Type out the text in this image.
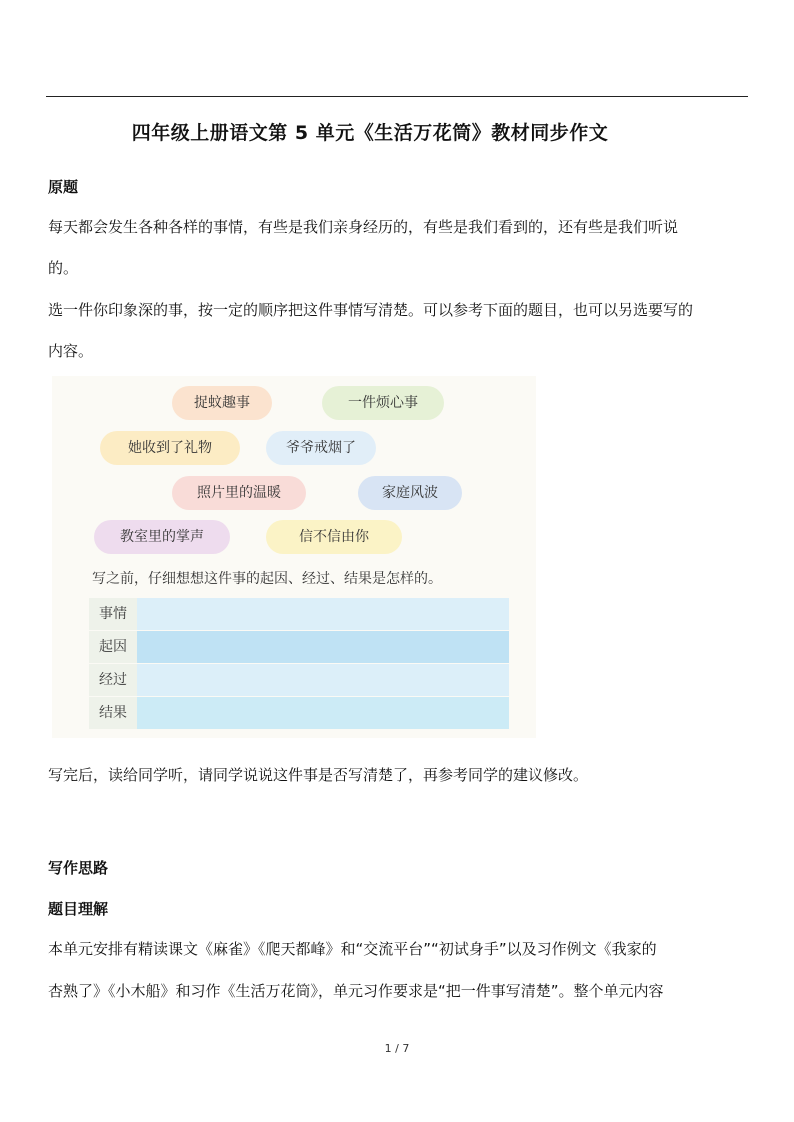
四年级上册语文第 5 单元《生活万花筒》教材同步作文
原题
每天都会发生各种各样的事情，有些是我们亲身经历的，有些是我们看到的，还有些是我们听说
的。
选一件你印象深的事，按一定的顺序把这件事情写清楚。可以参考下面的题目，也可以另选要写的
内容。
捉蚊趣事	一件烦心事
她收到了礼物	爷爷戒烟了
照片里的温暖	家庭风波
教室里的掌声	信不信由你
写之前，仔细想想这件事的起因、经过、结果是怎样的。
事情
起因
经过
结果
写完后，读给同学听，请同学说说这件事是否写清楚了，再参考同学的建议修改。
写作思路
题目理解
本单元安排有精读课文《麻雀》《爬天都峰》和“交流平台”“初试身手”以及习作例文《我家的
杏熟了》《小木船》和习作《生活万花筒》，单元习作要求是“把一件事写清楚”。整个单元内容
1 / 7
